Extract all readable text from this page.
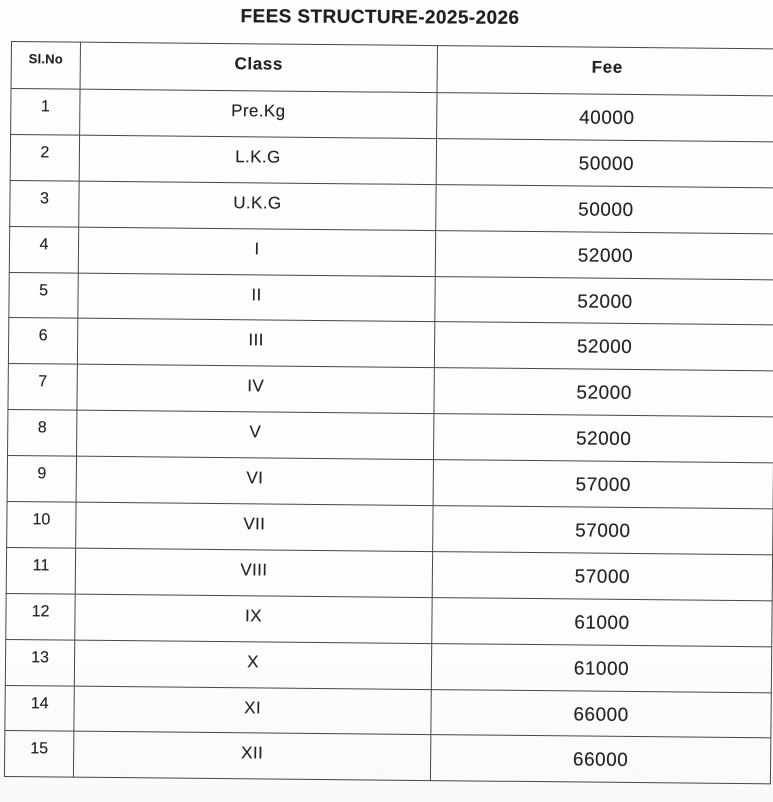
FEES STRUCTURE-2025-2026
Sl.No	Class	Fee
1	Pre.Kg	40000
2	L.K.G	50000
3	U.K.G	50000
4	I	52000
5	II	52000
6	III	52000
7	IV	52000
8	V	52000
9	VI	57000
10	VII	57000
11	VIII	57000
12	IX	61000
13	X	61000
14	XI	66000
15	XII	66000
